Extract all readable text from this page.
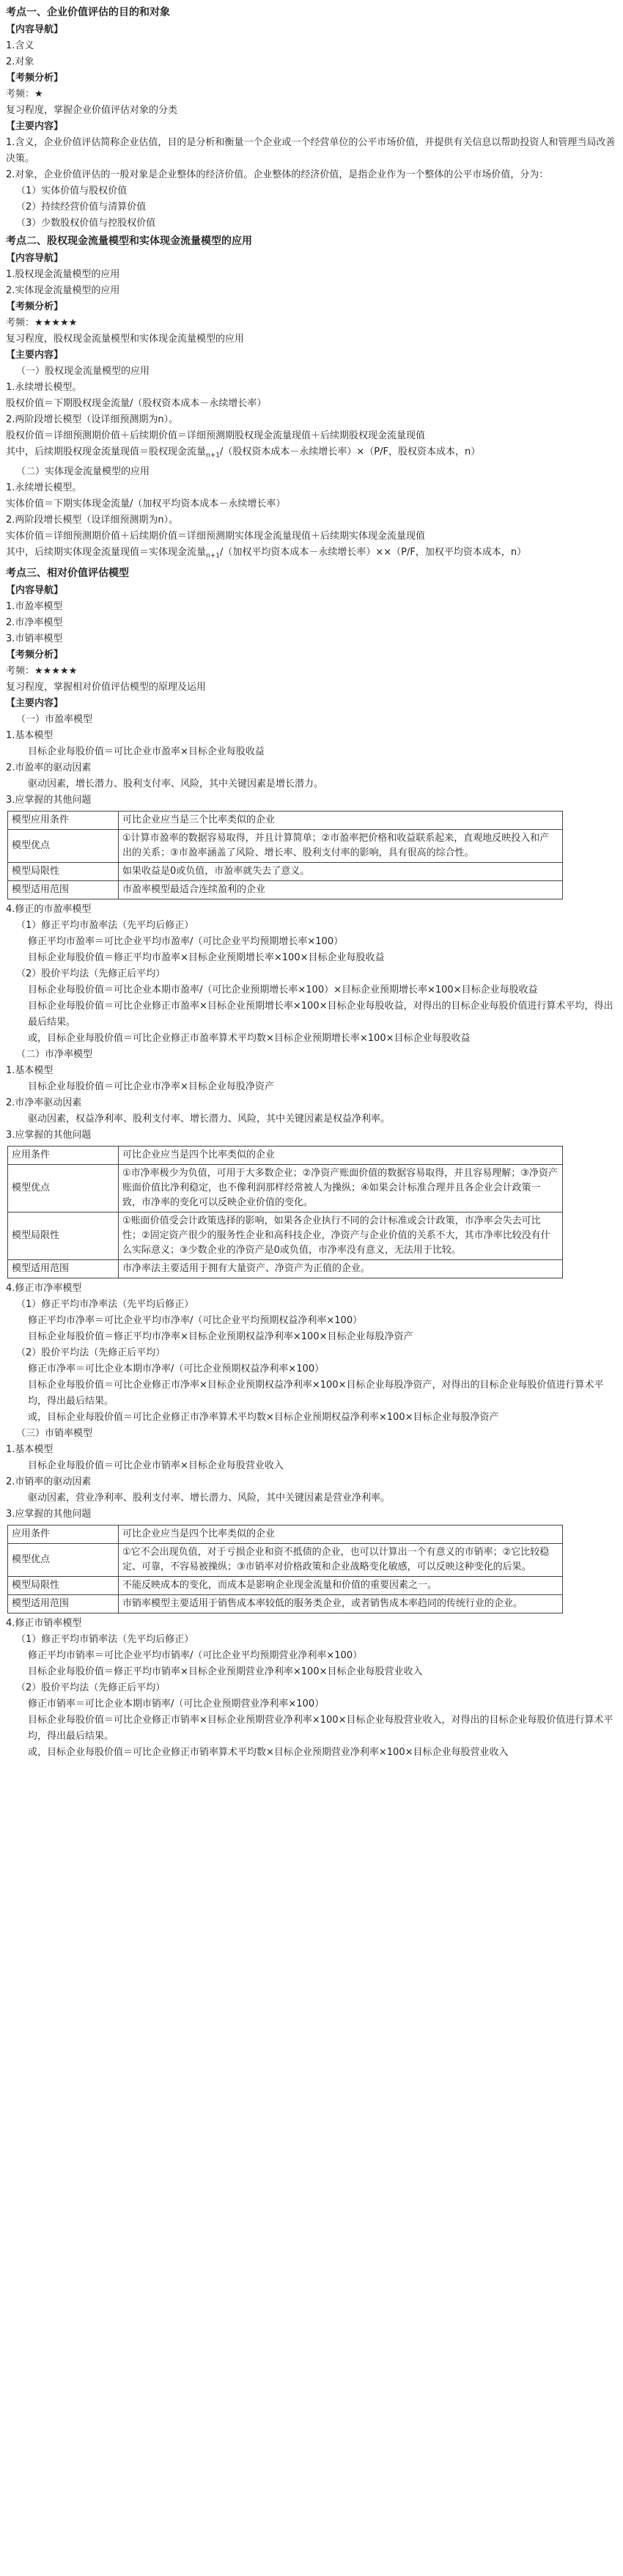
考点一、企业价值评估的目的和对象

【内容导航】

1.含义

2.对象

【考频分析】

考频：★

复习程度，掌握企业价值评估对象的分类

【主要内容】

1.含义，企业价值评估简称企业估值，目的是分析和衡量一个企业或一个经营单位的公平市场价值，并提供有关信息以帮助投资人和管理当局改善决策。

2.对象，企业价值评估的一般对象是企业整体的经济价值。企业整体的经济价值，是指企业作为一个整体的公平市场价值，分为：

（1）实体价值与股权价值

（2）持续经营价值与清算价值

（3）少数股权价值与控股权价值

考点二、股权现金流量模型和实体现金流量模型的应用

【内容导航】

1.股权现金流量模型的应用

2.实体现金流量模型的应用

【考频分析】

考频：★★★★★

复习程度，股权现金流量模型和实体现金流量模型的应用

【主要内容】

（一）股权现金流量模型的应用

1.永续增长模型。

股权价值＝下期股权现金流量/（股权资本成本－永续增长率）

2.两阶段增长模型（设详细预测期为n）。

股权价值＝详细预测期价值＋后续期价值＝详细预测期股权现金流量现值＋后续期股权现金流量现值

其中，后续期股权现金流量现值＝股权现金流量$_{n+1}$/（股权资本成本－永续增长率）×（P/F，股权资本成本，n）

（二）实体现金流量模型的应用

1.永续增长模型。

实体价值＝下期实体现金流量/（加权平均资本成本－永续增长率）

2.两阶段增长模型（设详细预测期为n）。

实体价值＝详细预测期价值＋后续期价值＝详细预测期实体现金流量现值＋后续期实体现金流量现值

其中，后续期实体现金流量现值＝实体现金流量$_{n+1}$/（加权平均资本成本－永续增长率）××（P/F，加权平均资本成本，n）

考点三、相对价值评估模型

【内容导航】

1.市盈率模型

2.市净率模型

3.市销率模型

【考频分析】

考频：★★★★★

复习程度，掌握相对价值评估模型的原理及运用

【主要内容】

（一）市盈率模型

1.基本模型

目标企业每股价值＝可比企业市盈率×目标企业每股收益

2.市盈率的驱动因素

驱动因素，增长潜力、股利支付率、风险，其中关键因素是增长潜力。

3.应掌握的其他问题

模型应用条件	可比企业应当是三个比率类似的企业
模型优点	①计算市盈率的数据容易取得，并且计算简单；②市盈率把价格和收益联系起来，直观地反映投入和产出的关系；③市盈率涵盖了风险、增长率、股利支付率的影响，具有很高的综合性。
模型局限性	如果收益是0或负值，市盈率就失去了意义。
模型适用范围	市盈率模型最适合连续盈利的企业

4.修正的市盈率模型

（1）修正平均市盈率法（先平均后修正）

修正平均市盈率＝可比企业平均市盈率/（可比企业平均预期增长率×100）

目标企业每股价值＝修正平均市盈率×目标企业预期增长率×100×目标企业每股收益

（2）股价平均法（先修正后平均）

目标企业每股价值＝可比企业本期市盈率/（可比企业预期增长率×100）×目标企业预期增长率×100×目标企业每股收益

目标企业每股价值＝可比企业修正市盈率×目标企业预期增长率×100×目标企业每股收益，对得出的目标企业每股价值进行算术平均，得出最后结果。

或，目标企业每股价值＝可比企业修正市盈率算术平均数×目标企业预期增长率×100×目标企业每股收益

（二）市净率模型

1.基本模型

目标企业每股价值＝可比企业市净率×目标企业每股净资产

2.市净率驱动因素

驱动因素，权益净利率、股利支付率、增长潜力、风险，其中关键因素是权益净利率。

3.应掌握的其他问题

应用条件	可比企业应当是四个比率类似的企业
模型优点	①市净率极少为负值，可用于大多数企业；②净资产账面价值的数据容易取得，并且容易理解；③净资产账面价值比净利稳定，也不像利润那样经常被人为操纵；④如果会计标准合理并且各企业会计政策一致，市净率的变化可以反映企业价值的变化。
模型局限性	①账面价值受会计政策选择的影响，如果各企业执行不同的会计标准或会计政策，市净率会失去可比性；②固定资产很少的服务性企业和高科技企业，净资产与企业价值的关系不大，其市净率比较没有什么实际意义；③少数企业的净资产是0或负值，市净率没有意义，无法用于比较。
模型适用范围	市净率法主要适用于拥有大量资产、净资产为正值的企业。

4.修正市净率模型

（1）修正平均市净率法（先平均后修正）

修正平均市净率＝可比企业平均市净率/（可比企业平均预期权益净利率×100）

目标企业每股价值＝修正平均市净率×目标企业预期权益净利率×100×目标企业每股净资产

（2）股价平均法（先修正后平均）

修正市净率＝可比企业本期市净率/（可比企业预期权益净利率×100）

目标企业每股价值＝可比企业修正市净率×目标企业预期权益净利率×100×目标企业每股净资产，对得出的目标企业每股价值进行算术平均，得出最后结果。

或，目标企业每股价值＝可比企业修正市净率算术平均数×目标企业预期权益净利率×100×目标企业每股净资产

（三）市销率模型

1.基本模型

目标企业每股价值＝可比企业市销率×目标企业每股营业收入

2.市销率的驱动因素

驱动因素，营业净利率、股利支付率、增长潜力、风险，其中关键因素是营业净利率。

3.应掌握的其他问题

应用条件	可比企业应当是四个比率类似的企业
模型优点	①它不会出现负值，对于亏损企业和资不抵债的企业，也可以计算出一个有意义的市销率；②它比较稳定、可靠，不容易被操纵；③市销率对价格政策和企业战略变化敏感，可以反映这种变化的后果。
模型局限性	不能反映成本的变化，而成本是影响企业现金流量和价值的重要因素之一。
模型适用范围	市销率模型主要适用于销售成本率较低的服务类企业，或者销售成本率趋同的传统行业的企业。

4.修正市销率模型

（1）修正平均市销率法（先平均后修正）

修正平均市销率＝可比企业平均市销率/（可比企业平均预期营业净利率×100）

目标企业每股价值＝修正平均市销率×目标企业预期营业净利率×100×目标企业每股营业收入

（2）股价平均法（先修正后平均）

修正市销率＝可比企业本期市销率/（可比企业预期营业净利率×100）

目标企业每股价值＝可比企业修正市销率×目标企业预期营业净利率×100×目标企业每股营业收入，对得出的目标企业每股价值进行算术平均，得出最后结果。

或，目标企业每股价值＝可比企业修正市销率算术平均数×目标企业预期营业净利率×100×目标企业每股营业收入
